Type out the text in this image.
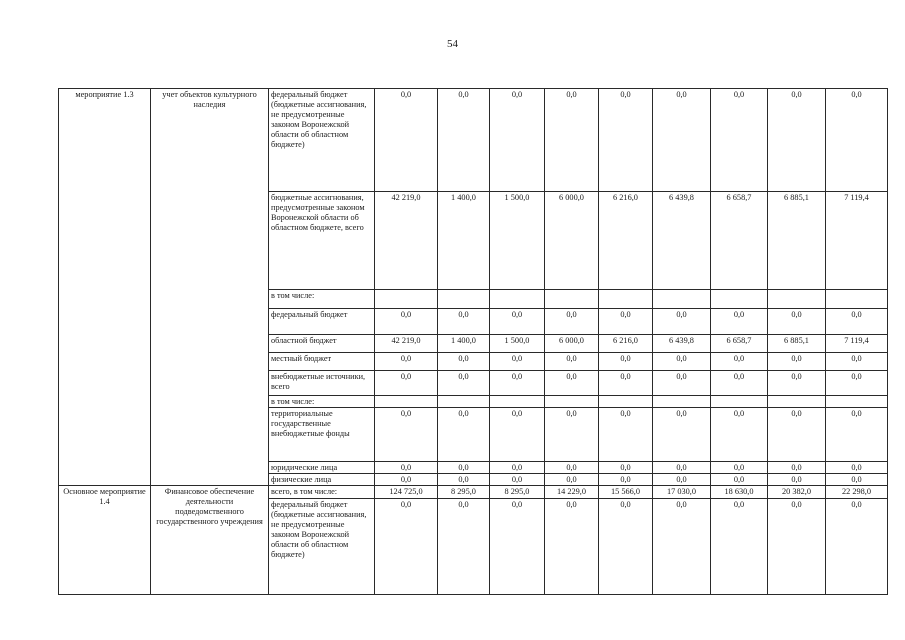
54
мероприятие 1.3	учет объектов культурного наследия	федеральный бюджет (бюджетные ассигнования, не предусмотренные законом Воронежской области об областном бюджете)	0,0	0,0	0,0	0,0	0,0	0,0	0,0	0,0	0,0
		бюджетные ассигнования, предусмотренные законом Воронежской области об областном бюджете, всего	42 219,0	1 400,0	1 500,0	6 000,0	6 216,0	6 439,8	6 658,7	6 885,1	7 119,4
		в том числе:									
		федеральный бюджет	0,0	0,0	0,0	0,0	0,0	0,0	0,0	0,0	0,0
		областной бюджет	42 219,0	1 400,0	1 500,0	6 000,0	6 216,0	6 439,8	6 658,7	6 885,1	7 119,4
		местный бюджет	0,0	0,0	0,0	0,0	0,0	0,0	0,0	0,0	0,0
		внебюджетные источники, всего	0,0	0,0	0,0	0,0	0,0	0,0	0,0	0,0	0,0
		в том числе:									
		территориальные государственные внебюджетные фонды	0,0	0,0	0,0	0,0	0,0	0,0	0,0	0,0	0,0
		юридические лица	0,0	0,0	0,0	0,0	0,0	0,0	0,0	0,0	0,0
		физические лица	0,0	0,0	0,0	0,0	0,0	0,0	0,0	0,0	0,0
Основное мероприятие 1.4	Финансовое обеспечение деятельности подведомственного государственного учреждения	всего, в том числе:	124 725,0	8 295,0	8 295,0	14 229,0	15 566,0	17 030,0	18 630,0	20 382,0	22 298,0
		федеральный бюджет (бюджетные ассигнования, не предусмотренные законом Воронежской области об областном бюджете)	0,0	0,0	0,0	0,0	0,0	0,0	0,0	0,0	0,0
